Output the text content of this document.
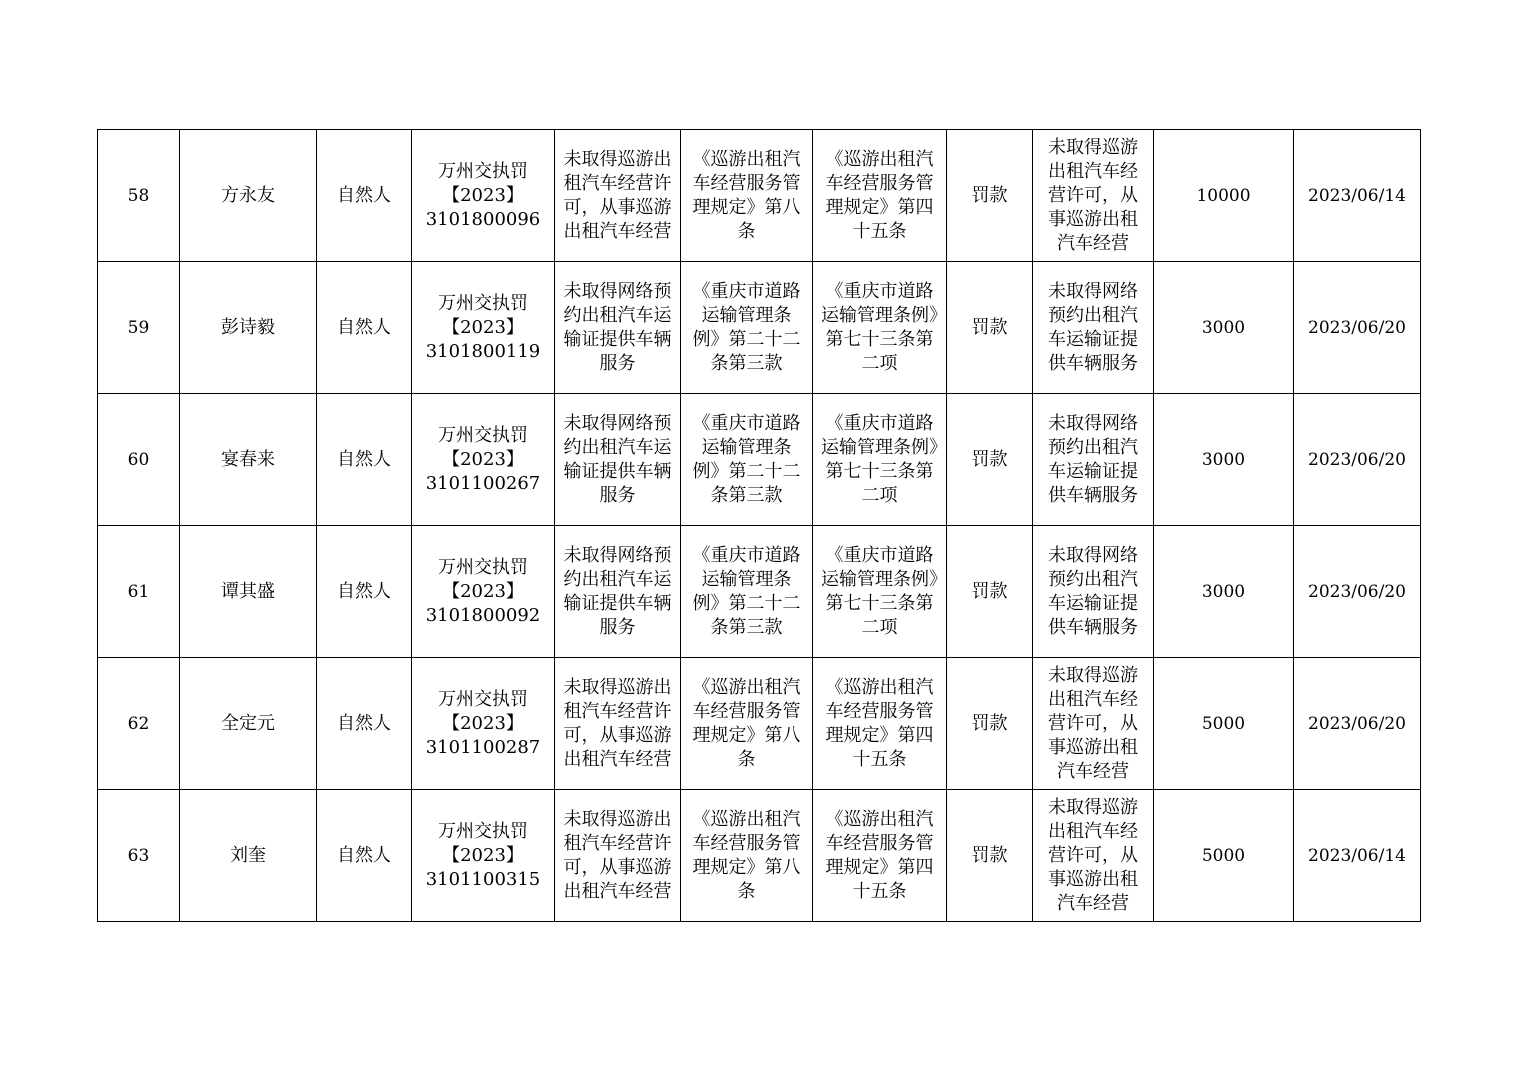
58	方永友	自然人	万州交执罚
【2023】
3101800096	未取得巡游出租汽车经营许可，从事巡游出租汽车经营	《巡游出租汽车经营服务管理规定》第八条	《巡游出租汽车经营服务管理规定》第四十五条	罚款	未取得巡游出租汽车经营许可，从事巡游出租汽车经营	10000	2023/06/14
59	彭诗毅	自然人	万州交执罚
【2023】
3101800119	未取得网络预约出租汽车运输证提供车辆服务	《重庆市道路运输管理条例》第二十二条第三款	《重庆市道路运输管理条例》第七十三条第二项	罚款	未取得网络预约出租汽车运输证提供车辆服务	3000	2023/06/20
60	宴春来	自然人	万州交执罚
【2023】
3101100267	未取得网络预约出租汽车运输证提供车辆服务	《重庆市道路运输管理条例》第二十二条第三款	《重庆市道路运输管理条例》第七十三条第二项	罚款	未取得网络预约出租汽车运输证提供车辆服务	3000	2023/06/20
61	谭其盛	自然人	万州交执罚
【2023】
3101800092	未取得网络预约出租汽车运输证提供车辆服务	《重庆市道路运输管理条例》第二十二条第三款	《重庆市道路运输管理条例》第七十三条第二项	罚款	未取得网络预约出租汽车运输证提供车辆服务	3000	2023/06/20
62	全定元	自然人	万州交执罚
【2023】
3101100287	未取得巡游出租汽车经营许可，从事巡游出租汽车经营	《巡游出租汽车经营服务管理规定》第八条	《巡游出租汽车经营服务管理规定》第四十五条	罚款	未取得巡游出租汽车经营许可，从事巡游出租汽车经营	5000	2023/06/20
63	刘奎	自然人	万州交执罚
【2023】
3101100315	未取得巡游出租汽车经营许可，从事巡游出租汽车经营	《巡游出租汽车经营服务管理规定》第八条	《巡游出租汽车经营服务管理规定》第四十五条	罚款	未取得巡游出租汽车经营许可，从事巡游出租汽车经营	5000	2023/06/14
